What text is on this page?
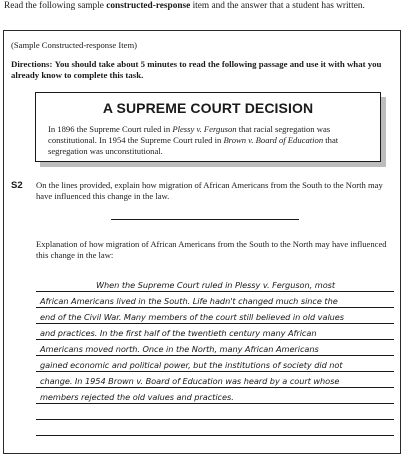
Read the following sample constructed-response item and the answer that a student has written.
(Sample Constructed-response Item)
Directions: You should take about 5 minutes to read the following passage and use it with what you already know to complete this task.
A SUPREME COURT DECISION
In 1896 the Supreme Court ruled in Plessy v. Ferguson that racial segregation was constitutional. In 1954 the Supreme Court ruled in Brown v. Board of Education that segregation was unconstitutional.
S2 On the lines provided, explain how migration of African Americans from the South to the North may have influenced this change in the law.
Explanation of how migration of African Americans from the South to the North may have influenced this change in the law:
When the Supreme Court ruled in Plessy v. Ferguson, most
African Americans lived in the South. Life hadn't changed much since the
end of the Civil War. Many members of the court still believed in old values
and practices. In the first half of the twentieth century many African
Americans moved north. Once in the North, many African Americans
gained economic and political power, but the institutions of society did not
change. In 1954 Brown v. Board of Education was heard by a court whose
members rejected the old values and practices.
